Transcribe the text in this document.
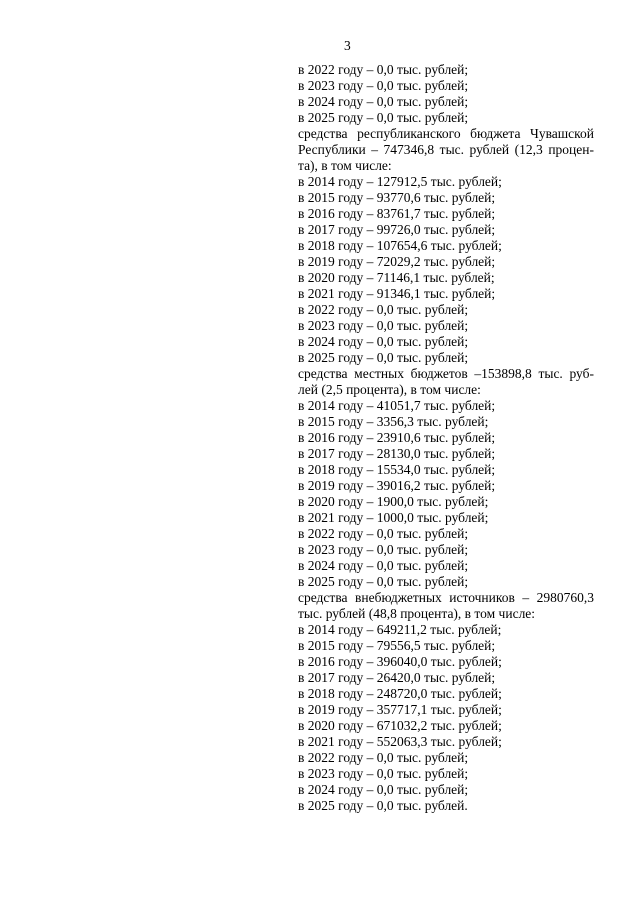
3
в 2022 году – 0,0 тыс. рублей;
в 2023 году – 0,0 тыс. рублей;
в 2024 году – 0,0 тыс. рублей;
в 2025 году – 0,0 тыс. рублей;
средства республиканского бюджета Чувашской Республики – 747346,8 тыс. рублей (12,3 процен-та), в том числе:
в 2014 году – 127912,5 тыс. рублей;
в 2015 году – 93770,6 тыс. рублей;
в 2016 году – 83761,7 тыс. рублей;
в 2017 году – 99726,0 тыс. рублей;
в 2018 году – 107654,6 тыс. рублей;
в 2019 году – 72029,2 тыс. рублей;
в 2020 году – 71146,1 тыс. рублей;
в 2021 году – 91346,1 тыс. рублей;
в 2022 году – 0,0 тыс. рублей;
в 2023 году – 0,0 тыс. рублей;
в 2024 году – 0,0 тыс. рублей;
в 2025 году – 0,0 тыс. рублей;
средства местных бюджетов –153898,8 тыс. руб-лей (2,5 процента), в том числе:
в 2014 году – 41051,7 тыс. рублей;
в 2015 году – 3356,3 тыс. рублей;
в 2016 году – 23910,6 тыс. рублей;
в 2017 году – 28130,0 тыс. рублей;
в 2018 году – 15534,0 тыс. рублей;
в 2019 году – 39016,2 тыс. рублей;
в 2020 году – 1900,0 тыс. рублей;
в 2021 году – 1000,0 тыс. рублей;
в 2022 году – 0,0 тыс. рублей;
в 2023 году – 0,0 тыс. рублей;
в 2024 году – 0,0 тыс. рублей;
в 2025 году – 0,0 тыс. рублей;
средства внебюджетных источников – 2980760,3 тыс. рублей (48,8 процента), в том числе:
в 2014 году – 649211,2 тыс. рублей;
в 2015 году – 79556,5 тыс. рублей;
в 2016 году – 396040,0 тыс. рублей;
в 2017 году – 26420,0 тыс. рублей;
в 2018 году – 248720,0 тыс. рублей;
в 2019 году – 357717,1 тыс. рублей;
в 2020 году – 671032,2 тыс. рублей;
в 2021 году – 552063,3 тыс. рублей;
в 2022 году – 0,0 тыс. рублей;
в 2023 году – 0,0 тыс. рублей;
в 2024 году – 0,0 тыс. рублей;
в 2025 году – 0,0 тыс. рублей.
